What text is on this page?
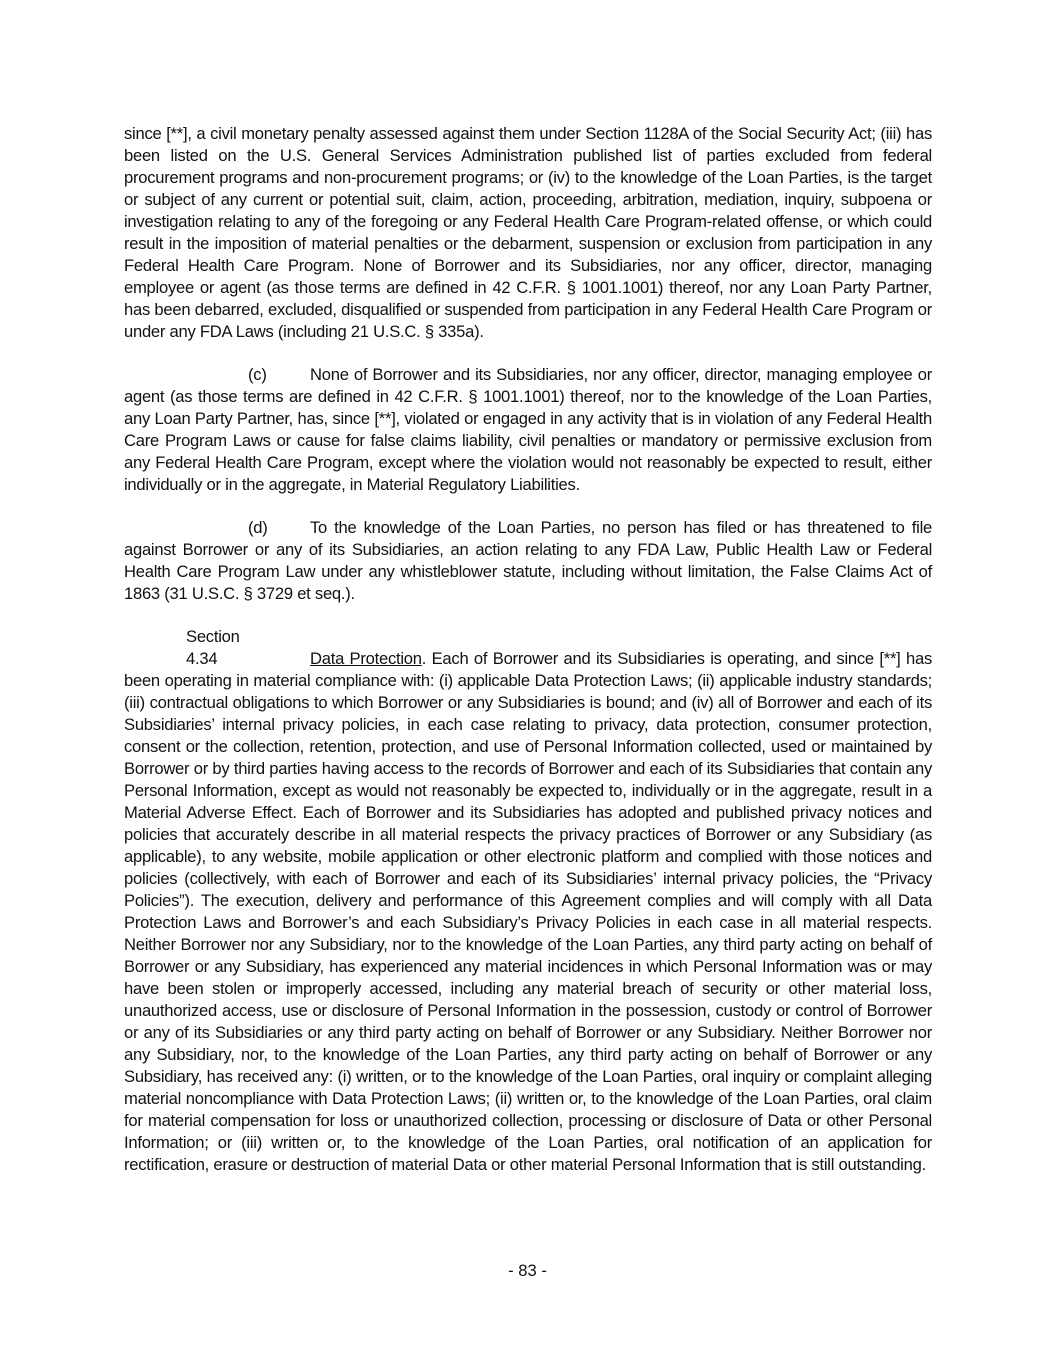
since [**], a civil monetary penalty assessed against them under Section 1128A of the Social Security Act; (iii) has been listed on the U.S. General Services Administration published list of parties excluded from federal procurement programs and non-procurement programs; or (iv) to the knowledge of the Loan Parties, is the target or subject of any current or potential suit, claim, action, proceeding, arbitration, mediation, inquiry, subpoena or investigation relating to any of the foregoing or any Federal Health Care Program-related offense, or which could result in the imposition of material penalties or the debarment, suspension or exclusion from participation in any Federal Health Care Program. None of Borrower and its Subsidiaries, nor any officer, director, managing employee or agent (as those terms are defined in 42 C.F.R. § 1001.1001) thereof, nor any Loan Party Partner, has been debarred, excluded, disqualified or suspended from participation in any Federal Health Care Program or under any FDA Laws (including 21 U.S.C. § 335a).

(c)	None of Borrower and its Subsidiaries, nor any officer, director, managing employee or agent (as those terms are defined in 42 C.F.R. § 1001.1001) thereof, nor to the knowledge of the Loan Parties, any Loan Party Partner, has, since [**], violated or engaged in any activity that is in violation of any Federal Health Care Program Laws or cause for false claims liability, civil penalties or mandatory or permissive exclusion from any Federal Health Care Program, except where the violation would not reasonably be expected to result, either individually or in the aggregate, in Material Regulatory Liabilities.

(d)	To the knowledge of the Loan Parties, no person has filed or has threatened to file against Borrower or any of its Subsidiaries, an action relating to any FDA Law, Public Health Law or Federal Health Care Program Law under any whistleblower statute, including without limitation, the False Claims Act of 1863 (31 U.S.C. § 3729 et seq.).

Section 4.34	Data Protection. Each of Borrower and its Subsidiaries is operating, and since [**] has been operating in material compliance with: (i) applicable Data Protection Laws; (ii) applicable industry standards; (iii) contractual obligations to which Borrower or any Subsidiaries is bound; and (iv) all of Borrower and each of its Subsidiaries’ internal privacy policies, in each case relating to privacy, data protection, consumer protection, consent or the collection, retention, protection, and use of Personal Information collected, used or maintained by Borrower or by third parties having access to the records of Borrower and each of its Subsidiaries that contain any Personal Information, except as would not reasonably be expected to, individually or in the aggregate, result in a Material Adverse Effect. Each of Borrower and its Subsidiaries has adopted and published privacy notices and policies that accurately describe in all material respects the privacy practices of Borrower or any Subsidiary (as applicable), to any website, mobile application or other electronic platform and complied with those notices and policies (collectively, with each of Borrower and each of its Subsidiaries’ internal privacy policies, the “Privacy Policies”). The execution, delivery and performance of this Agreement complies and will comply with all Data Protection Laws and Borrower’s and each Subsidiary’s Privacy Policies in each case in all material respects. Neither Borrower nor any Subsidiary, nor to the knowledge of the Loan Parties, any third party acting on behalf of Borrower or any Subsidiary, has experienced any material incidences in which Personal Information was or may have been stolen or improperly accessed, including any material breach of security or other material loss, unauthorized access, use or disclosure of Personal Information in the possession, custody or control of Borrower or any of its Subsidiaries or any third party acting on behalf of Borrower or any Subsidiary. Neither Borrower nor any Subsidiary, nor, to the knowledge of the Loan Parties, any third party acting on behalf of Borrower or any Subsidiary, has received any: (i) written, or to the knowledge of the Loan Parties, oral inquiry or complaint alleging material noncompliance with Data Protection Laws; (ii) written or, to the knowledge of the Loan Parties, oral claim for material compensation for loss or unauthorized collection, processing or disclosure of Data or other Personal Information; or (iii) written or, to the knowledge of the Loan Parties, oral notification of an application for rectification, erasure or destruction of material Data or other material Personal Information that is still outstanding.

- 83 -
